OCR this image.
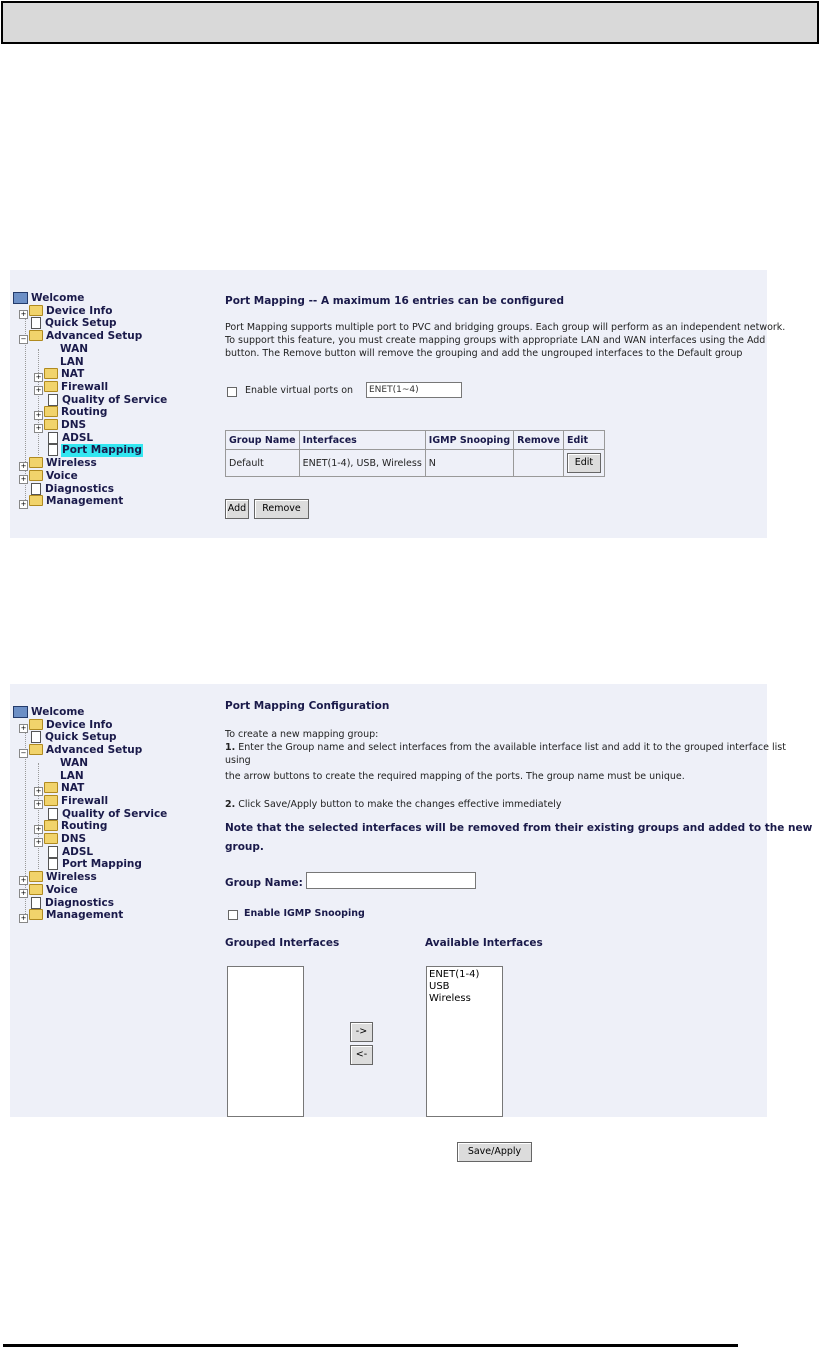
Welcome
+ Device Info
Quick Setup
− Advanced Setup
WAN
LAN
+ NAT
+ Firewall
Quality of Service
+ Routing
+ DNS
ADSL
Port Mapping
+ Wireless
+ Voice
Diagnostics
+ Management
Port Mapping -- A maximum 16 entries can be configured
Port Mapping supports multiple port to PVC and bridging groups. Each group will perform as an independent network.
To support this feature, you must create mapping groups with appropriate LAN and WAN interfaces using the Add
button. The Remove button will remove the grouping and add the ungrouped interfaces to the Default group
Enable virtual ports on	ENET(1~4)
Group Name	Interfaces	IGMP Snooping	Remove	Edit
Default	ENET(1-4), USB, Wireless	N		Edit
Add	Remove
Welcome
+ Device Info
Quick Setup
− Advanced Setup
WAN
LAN
+ NAT
+ Firewall
Quality of Service
+ Routing
+ DNS
ADSL
Port Mapping
+ Wireless
+ Voice
Diagnostics
+ Management
Port Mapping Configuration
To create a new mapping group:
1. Enter the Group name and select interfaces from the available interface list and add it to the grouped interface list
using
the arrow buttons to create the required mapping of the ports. The group name must be unique.
2. Click Save/Apply button to make the changes effective immediately
Note that the selected interfaces will be removed from their existing groups and added to the new
group.
Group Name:
Enable IGMP Snooping
Grouped Interfaces	Available Interfaces
ENET(1-4)
USB
Wireless
->
<-
Save/Apply
